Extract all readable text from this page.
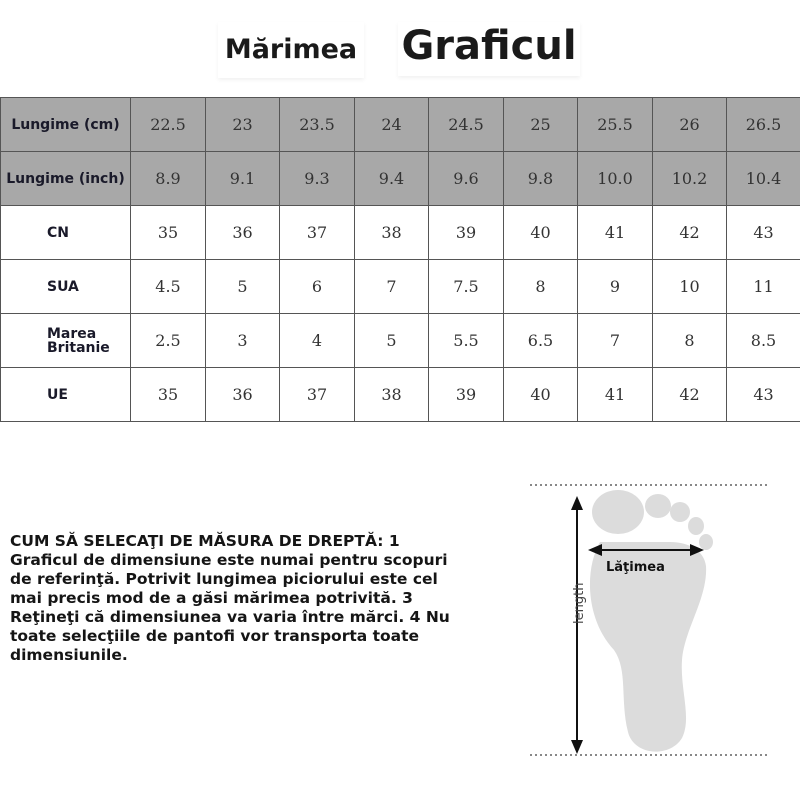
Mărimea Graficul
Lungime (cm)	22.5	23	23.5	24	24.5	25	25.5	26	26.5
Lungime (inch)	8.9	9.1	9.3	9.4	9.6	9.8	10.0	10.2	10.4
CN	35	36	37	38	39	40	41	42	43
SUA	4.5	5	6	7	7.5	8	9	10	11
Marea
Britanie	2.5	3	4	5	5.5	6.5	7	8	8.5
UE	35	36	37	38	39	40	41	42	43
CUM SĂ SELECAŢI DE MĂSURA DE DREPTĂ: 1 Graficul de dimensiune este numai pentru scopuri de referinţă. Potrivit lungimea piciorului este cel mai precis mod de a găsi mărimea potrivită. 3 Reţineţi că dimensiunea va varia între mărci. 4 Nu toate selecţiile de pantofi vor transporta toate dimensiunile.
Lăţimea
length
